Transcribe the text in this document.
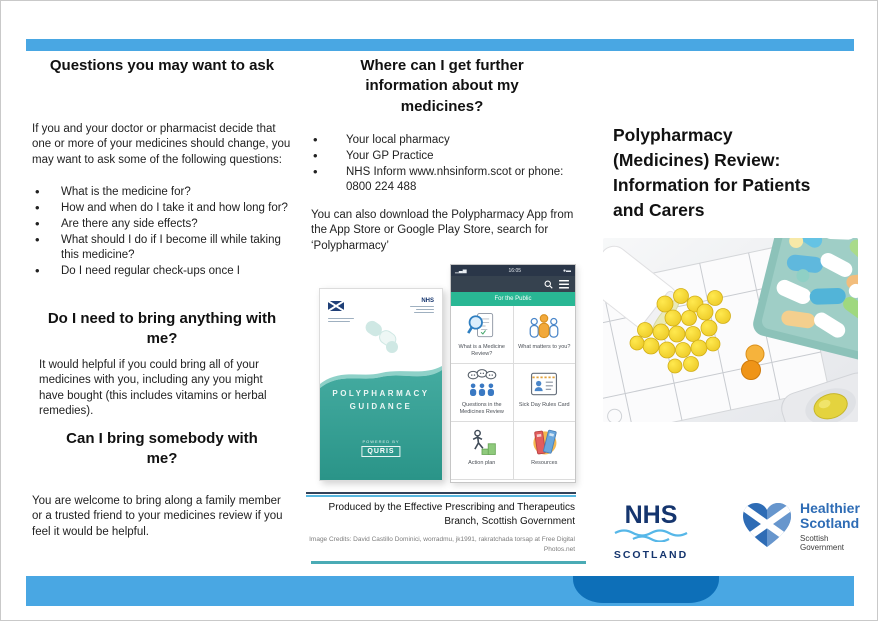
Questions you may want to ask
If you and your doctor or pharmacist decide that one or more of your medicines should change, you may want to ask some of the following questions:
• What is the medicine for?
• How and when do I take it and how long for?
• Are there any side effects?
• What should I do if I become ill while taking this medicine?
• Do I need regular check-ups once I
Do I need to bring anything with me?
It would helpful if you could bring all of your medicines with you, including any you might have bought (this includes vitamins or herbal remedies).
Can I bring somebody with me?
You are welcome to bring along a family member or a trusted friend to your medicines review if you feel it would be helpful.
Where can I get further information about my medicines?
• Your local pharmacy
• Your GP Practice
• NHS Inform www.nhsinform.scot or phone: 0800 224 488
You can also download the Polypharmacy App from the App Store or Google Play Store, search for ‘Polypharmacy’
NHS
POLYPHARMACY
GUIDANCE
POWERED BY
QURIS
▁▃▅	16:05	●▬
For the Public
What is a Medicine Review?
What matters to you?
Questions in the Medicines Review
Sick Day Rules Card
Action plan	Resources
Produced by the Effective Prescribing and Therapeutics Branch, Scottish Government
Image Credits: David Castillo Dominici, worradmu, jk1991, rakratchada torsap at Free Digital Photos.net
Polypharmacy
(Medicines) Review:
Information for Patients
and Carers
NHS
SCOTLAND
Healthier
Scotland
Scottish
Government
